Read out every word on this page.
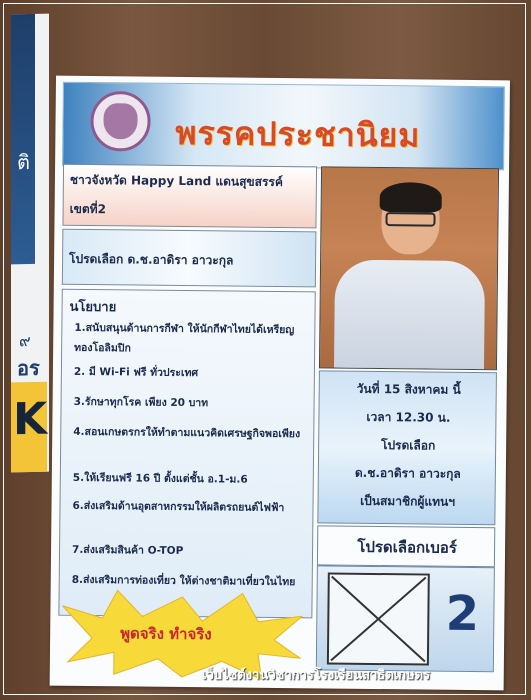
ติ
๙
อร
K
พรรคประชานิยม
ชาวจังหวัด Happy Land แดนสุขสรรค์
เขตที่2
โปรดเลือก ด.ช.อาดิรา อาวะกุล
นโยบาย
1.สนับสนุนด้านการกีฬา ให้นักกีฬาไทยได้เหรียญทองโอลิมปิก
2. มี Wi-Fi ฟรี ทั่วประเทศ
3.รักษาทุกโรค เพียง 20 บาท
4.สอนเกษตรกรให้ทำตามแนวคิดเศรษฐกิจพอเพียง
5.ให้เรียนฟรี 16 ปี ตั้งแต่ชั้น อ.1-ม.6
6.ส่งเสริมด้านอุตสาหกรรมให้ผลิตรถยนต์ไฟฟ้า
7.ส่งเสริมสินค้า O-TOP
8.ส่งเสริมการท่องเที่ยว ให้ต่างชาติมาเที่ยวในไทย
วันที่ 15 สิงหาคม นี้
เวลา 12.30 น.
โปรดเลือก
ด.ช.อาดิรา อาวะกุล
เป็นสมาชิกผู้แทนฯ
โปรดเลือกเบอร์
2
พูดจริง ทำจริง
เว็บไซต์งานวิชาการโรงเรียนสาธิตเกษตร
